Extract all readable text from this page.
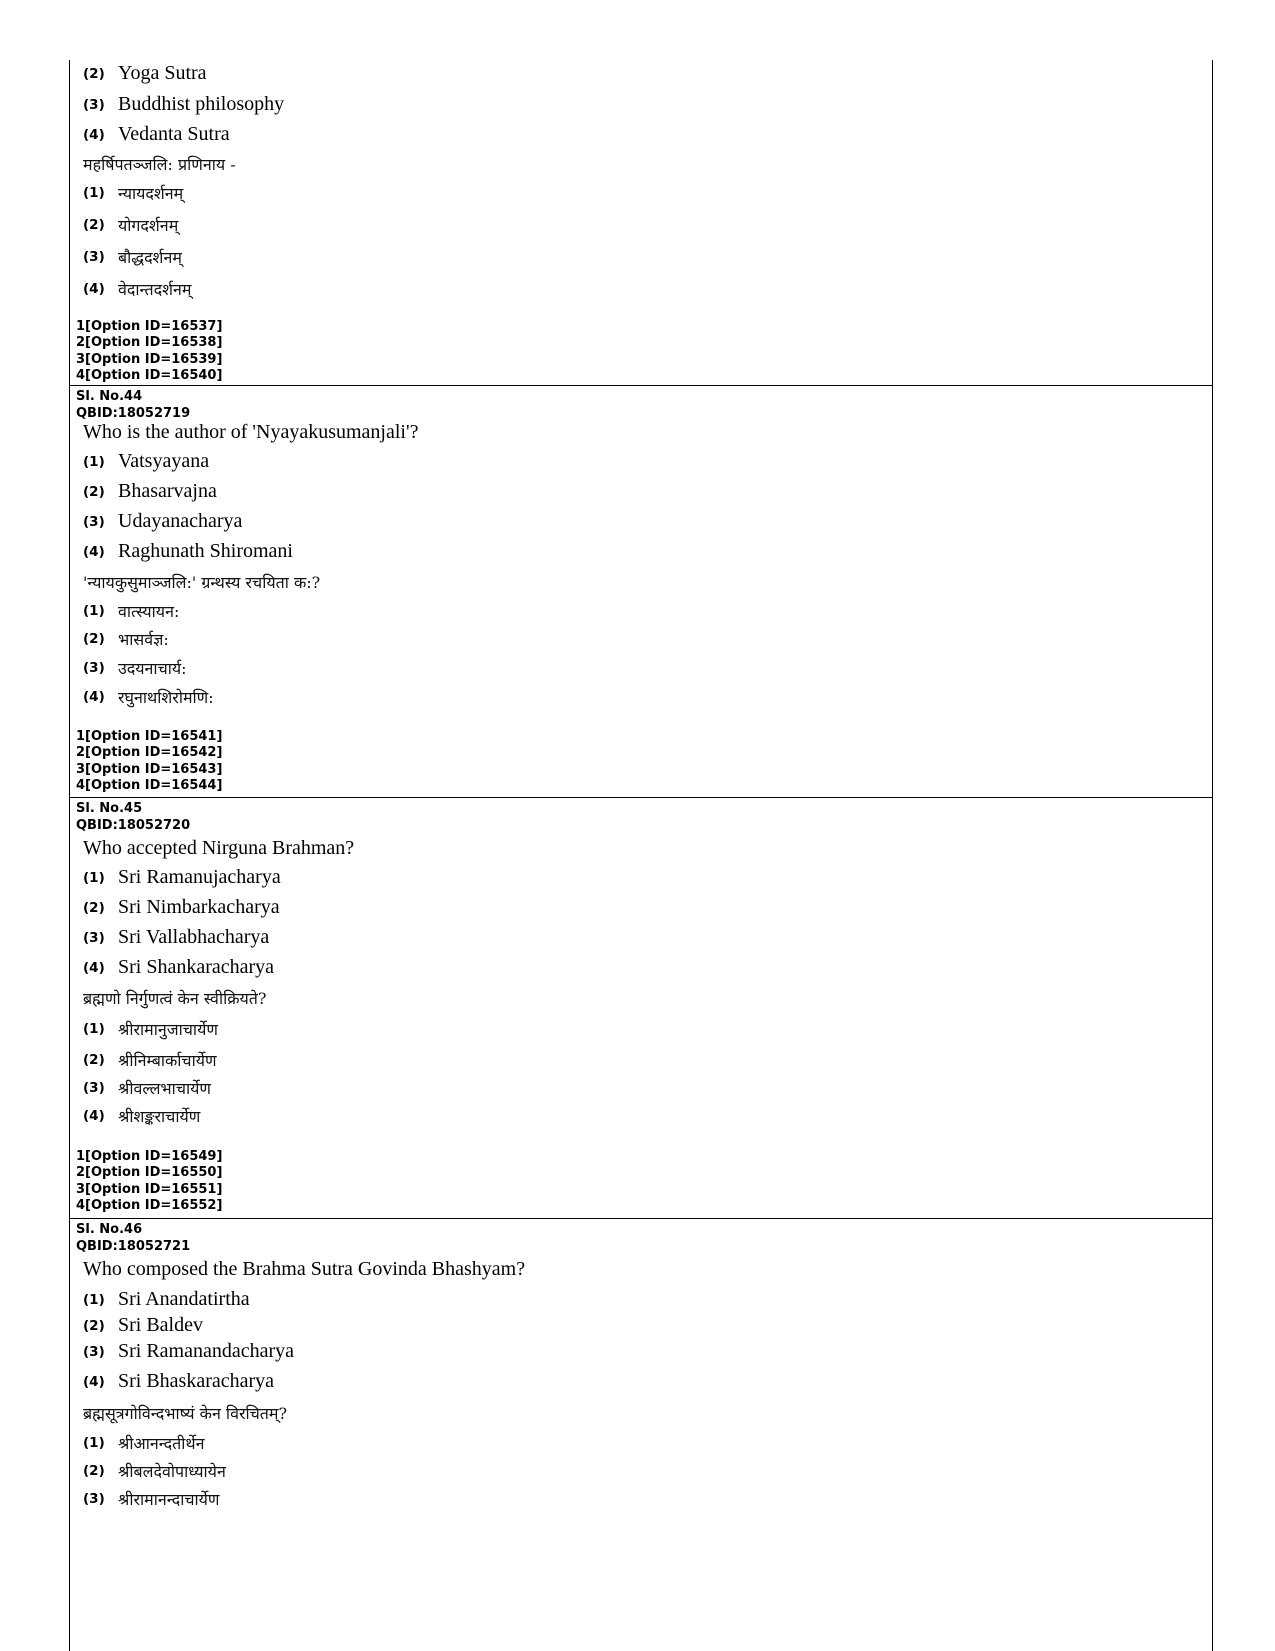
(2) Yoga Sutra
(3) Buddhist philosophy
(4) Vedanta Sutra
महर्षिपतञ्जलि: प्रणिनाय -
(1) न्यायदर्शनम्
(2) योगदर्शनम्
(3) बौद्धदर्शनम्
(4) वेदान्तदर्शनम्
1[Option ID=16537]
2[Option ID=16538]
3[Option ID=16539]
4[Option ID=16540]
Sl. No.44
QBID:18052719
Who is the author of 'Nyayakusumanjali'?
(1) Vatsyayana
(2) Bhasarvajna
(3) Udayanacharya
(4) Raghunath Shiromani
'न्यायकुसुमाञ्जलि:' ग्रन्थस्य रचयिता क:?
(1) वात्स्यायन:
(2) भासर्वज्ञ:
(3) उदयनाचार्य:
(4) रघुनाथशिरोमणि:
1[Option ID=16541]
2[Option ID=16542]
3[Option ID=16543]
4[Option ID=16544]
Sl. No.45
QBID:18052720
Who accepted Nirguna Brahman?
(1) Sri Ramanujacharya
(2) Sri Nimbarkacharya
(3) Sri Vallabhacharya
(4) Sri Shankaracharya
ब्रह्मणो निर्गुणत्वं केन स्वीक्रियते?
(1) श्रीरामानुजाचार्येण
(2) श्रीनिम्बार्काचार्येण
(3) श्रीवल्लभाचार्येण
(4) श्रीशङ्कराचार्येण
1[Option ID=16549]
2[Option ID=16550]
3[Option ID=16551]
4[Option ID=16552]
Sl. No.46
QBID:18052721
Who composed the Brahma Sutra Govinda Bhashyam?
(1) Sri Anandatirtha
(2) Sri Baldev
(3) Sri Ramanandacharya
(4) Sri Bhaskaracharya
ब्रह्मसूत्रगोविन्दभाष्यं केन विरचितम्?
(1) श्रीआनन्दतीर्थेन
(2) श्रीबलदेवोपाध्यायेन
(3) श्रीरामानन्दाचार्येण
